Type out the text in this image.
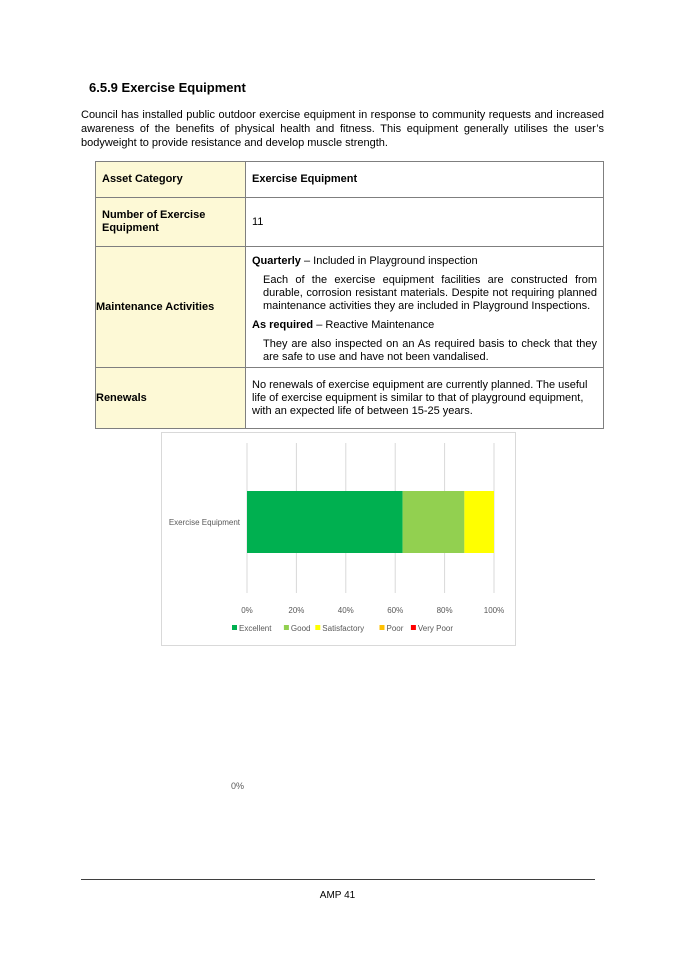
6.5.9 Exercise Equipment
Council has installed public outdoor exercise equipment in response to community requests and increased awareness of the benefits of physical health and fitness. This equipment generally utilises the user’s bodyweight to provide resistance and develop muscle strength.
Asset Category	Exercise Equipment
Number of Exercise Equipment	11
Maintenance Activities	Quarterly – Included in Playground inspection

Each of the exercise equipment facilities are constructed from durable, corrosion resistant materials. Despite not requiring planned maintenance activities they are included in Playground Inspections.

As required – Reactive Maintenance

They are also inspected on an As required basis to check that they are safe to use and have not been vandalised.

Renewals	No renewals of exercise equipment are currently planned. The useful life of exercise equipment is similar to that of playground equipment, with an expected life of between 15-25 years.
0%	20%	40%	60%	80%	100%
Exercise Equipment
Excellent Good Satisfactory	Poor Very Poor
0%
AMP 41
